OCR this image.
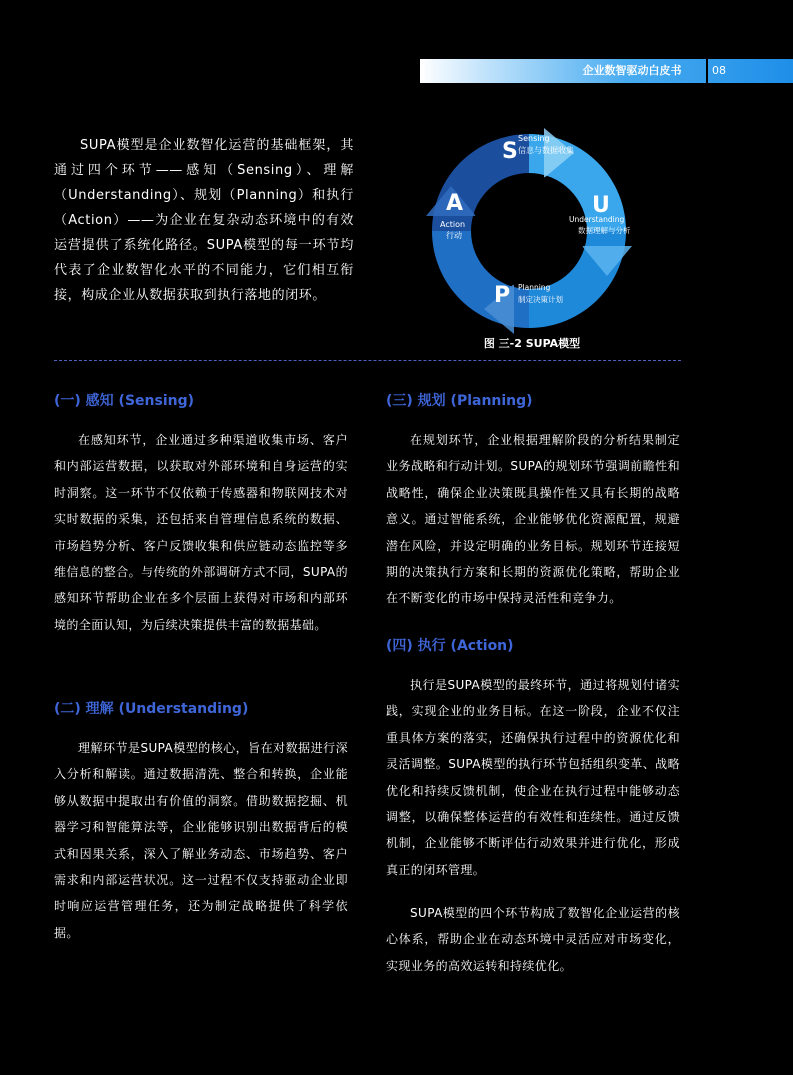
企业数智驱动白皮书	08

SUPA模型是企业数智化运营的基础框架，其通过四个环节——感知（Sensing）、理解（Understanding）、规划（Planning）和执行（Action）——为企业在复杂动态环境中的有效运营提供了系统化路径。SUPA模型的每一环节均代表了企业数智化水平的不同能力，它们相互衔接，构成企业从数据获取到执行落地的闭环。

S
Sensing
信息与数据收集
U
Understanding
数据理解与分析
P Planning
制定决策计划
A
Action
行动
图 三-2 SUPA模型
(一) 感知 (Sensing)

在感知环节，企业通过多种渠道收集市场、客户和内部运营数据，以获取对外部环境和自身运营的实时洞察。这一环节不仅依赖于传感器和物联网技术对实时数据的采集，还包括来自管理信息系统的数据、市场趋势分析、客户反馈收集和供应链动态监控等多维信息的整合。与传统的外部调研方式不同，SUPA的感知环节帮助企业在多个层面上获得对市场和内部环境的全面认知，为后续决策提供丰富的数据基础。

(二) 理解 (Understanding)

理解环节是SUPA模型的核心，旨在对数据进行深入分析和解读。通过数据清洗、整合和转换，企业能够从数据中提取出有价值的洞察。借助数据挖掘、机器学习和智能算法等，企业能够识别出数据背后的模式和因果关系，深入了解业务动态、市场趋势、客户需求和内部运营状况。这一过程不仅支持驱动企业即时响应运营管理任务，还为制定战略提供了科学依据。

(三) 规划 (Planning)

在规划环节，企业根据理解阶段的分析结果制定业务战略和行动计划。SUPA的规划环节强调前瞻性和战略性，确保企业决策既具操作性又具有长期的战略意义。通过智能系统，企业能够优化资源配置，规避潜在风险，并设定明确的业务目标。规划环节连接短期的决策执行方案和长期的资源优化策略，帮助企业在不断变化的市场中保持灵活性和竞争力。

(四) 执行 (Action)

执行是SUPA模型的最终环节，通过将规划付诸实践，实现企业的业务目标。在这一阶段，企业不仅注重具体方案的落实，还确保执行过程中的资源优化和灵活调整。SUPA模型的执行环节包括组织变革、战略优化和持续反馈机制，使企业在执行过程中能够动态调整，以确保整体运营的有效性和连续性。通过反馈机制，企业能够不断评估行动效果并进行优化，形成真正的闭环管理。

SUPA模型的四个环节构成了数智化企业运营的核心体系，帮助企业在动态环境中灵活应对市场变化，实现业务的高效运转和持续优化。
